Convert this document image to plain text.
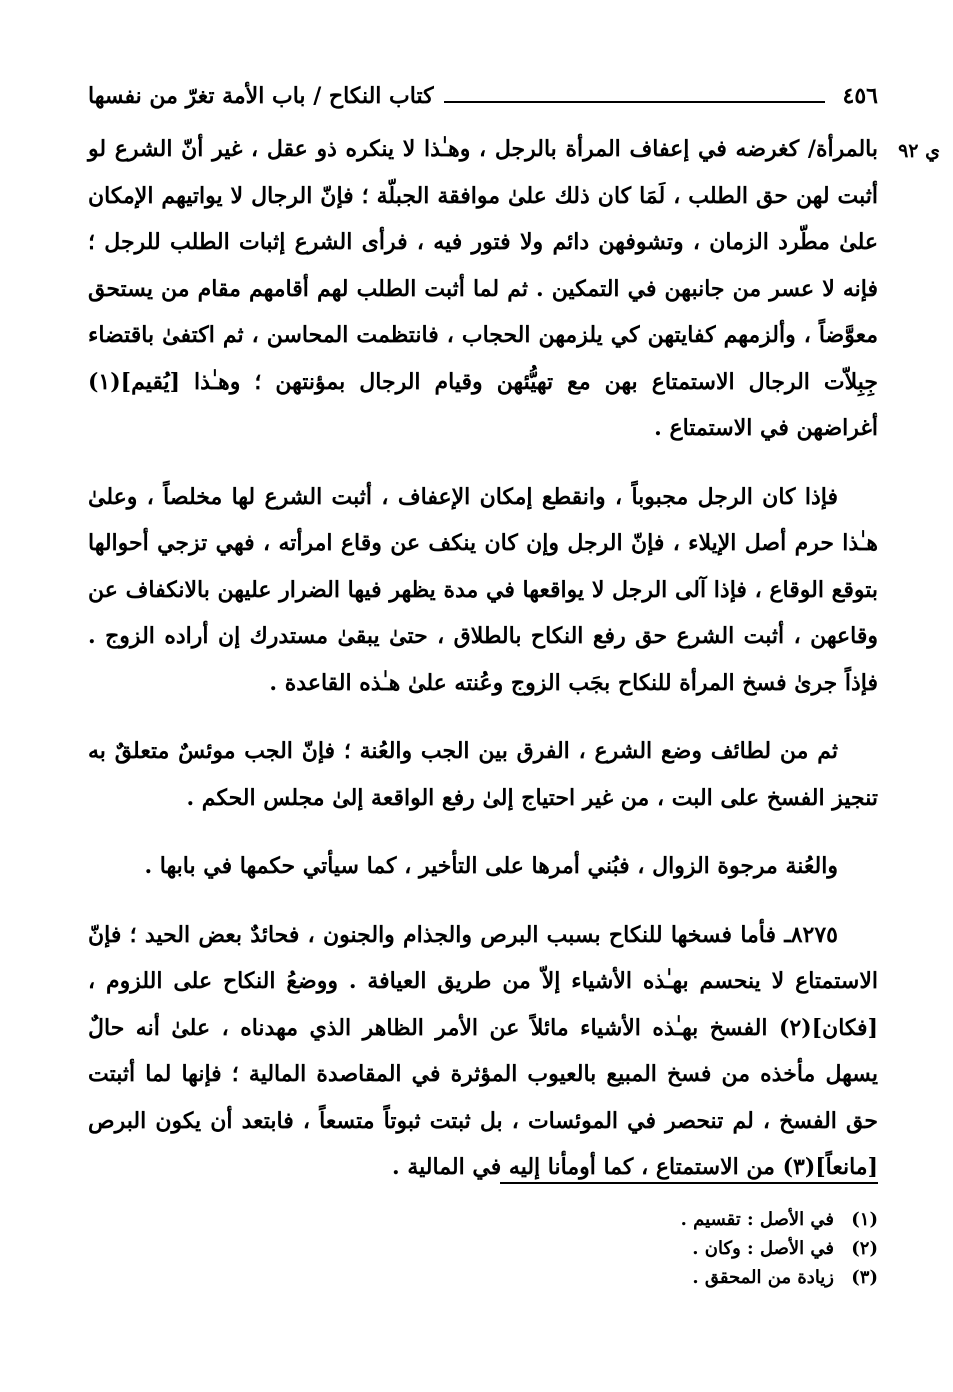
٤٥٦
كتاب النكاح / باب الأمة تغرّ من نفسها
ي ٩٢

بالمرأة/ كغرضه في إعفاف المرأة بالرجل ، وهـٰذا لا ينكره ذو عقل ، غير أنّ الشرع لو أثبت لهن حق الطلب ، لَمَا كان ذلك علىٰ موافقة الجبلّة ؛ فإنّ الرجال لا يواتيهم الإمكان علىٰ مطّرد الزمان ، وتشوفهن دائم ولا فتور فيه ، فرأى الشرع إثبات الطلب للرجل ؛ فإنه لا عسر من جانبهن في التمكين . ثم لما أثبت الطلب لهم أقامهم مقام من يستحق معوَّضاً ، وألزمهم كفايتهن كي يلزمهن الحجاب ، فانتظمت المحاسن ، ثم اكتفىٰ باقتضاء جِبِلاّت الرجال الاستمتاع بهن مع تهيُّئهن وقيام الرجال بمؤنتهن ؛ وهـٰذا [يُقيم](١) أغراضهن في الاستمتاع .

فإذا كان الرجل مجبوباً ، وانقطع إمكان الإعفاف ، أثبت الشرع لها مخلصاً ، وعلىٰ هـٰذا حرم أصل الإيلاء ، فإنّ الرجل وإن كان ينكف عن وقاع امرأته ، فهي تزجي أحوالها بتوقع الوقاع ، فإذا آلى الرجل لا يواقعها في مدة يظهر فيها الضرار عليهن بالانكفاف عن وقاعهن ، أثبت الشرع حق رفع النكاح بالطلاق ، حتىٰ يبقىٰ مستدرك إن أراده الزوج . فإذاً جرىٰ فسخ المرأة للنكاح بجَب الزوج وعُنته علىٰ هـٰذه القاعدة .

ثم من لطائف وضع الشرع ، الفرق بين الجب والعُنة ؛ فإنّ الجب موئسٌ متعلقٌ به تنجيز الفسخ على البت ، من غير احتياج إلىٰ رفع الواقعة إلىٰ مجلس الحكم .

والعُنة مرجوة الزوال ، فبُني أمرها على التأخير ، كما سيأتي حكمها في بابها .

٨٢٧٥ـ فأما فسخها للنكاح بسبب البرص والجذام والجنون ، فحائدٌ بعض الحيد ؛ فإنّ الاستمتاع لا ينحسم بهـٰذه الأشياء إلاّ من طريق العيافة . ووضعُ النكاح على اللزوم ، [فكان](٢) الفسخ بهـٰذه الأشياء مائلاً عن الأمر الظاهر الذي مهدناه ، علىٰ أنه حالٌ يسهل مأخذه من فسخ المبيع بالعيوب المؤثرة في المقاصدة المالية ؛ فإنها لما أثبتت حق الفسخ ، لم تنحصر في الموئسات ، بل ثبتت ثبوتاً متسعاً ، فابتعد أن يكون البرص [مانعاً](٣) من الاستمتاع ، كما أومأنا إليه في المالية .

(١)
في الأصل : تقسيم .
(٢)
في الأصل : وكان .
(٣)
زيادة من المحقق .
